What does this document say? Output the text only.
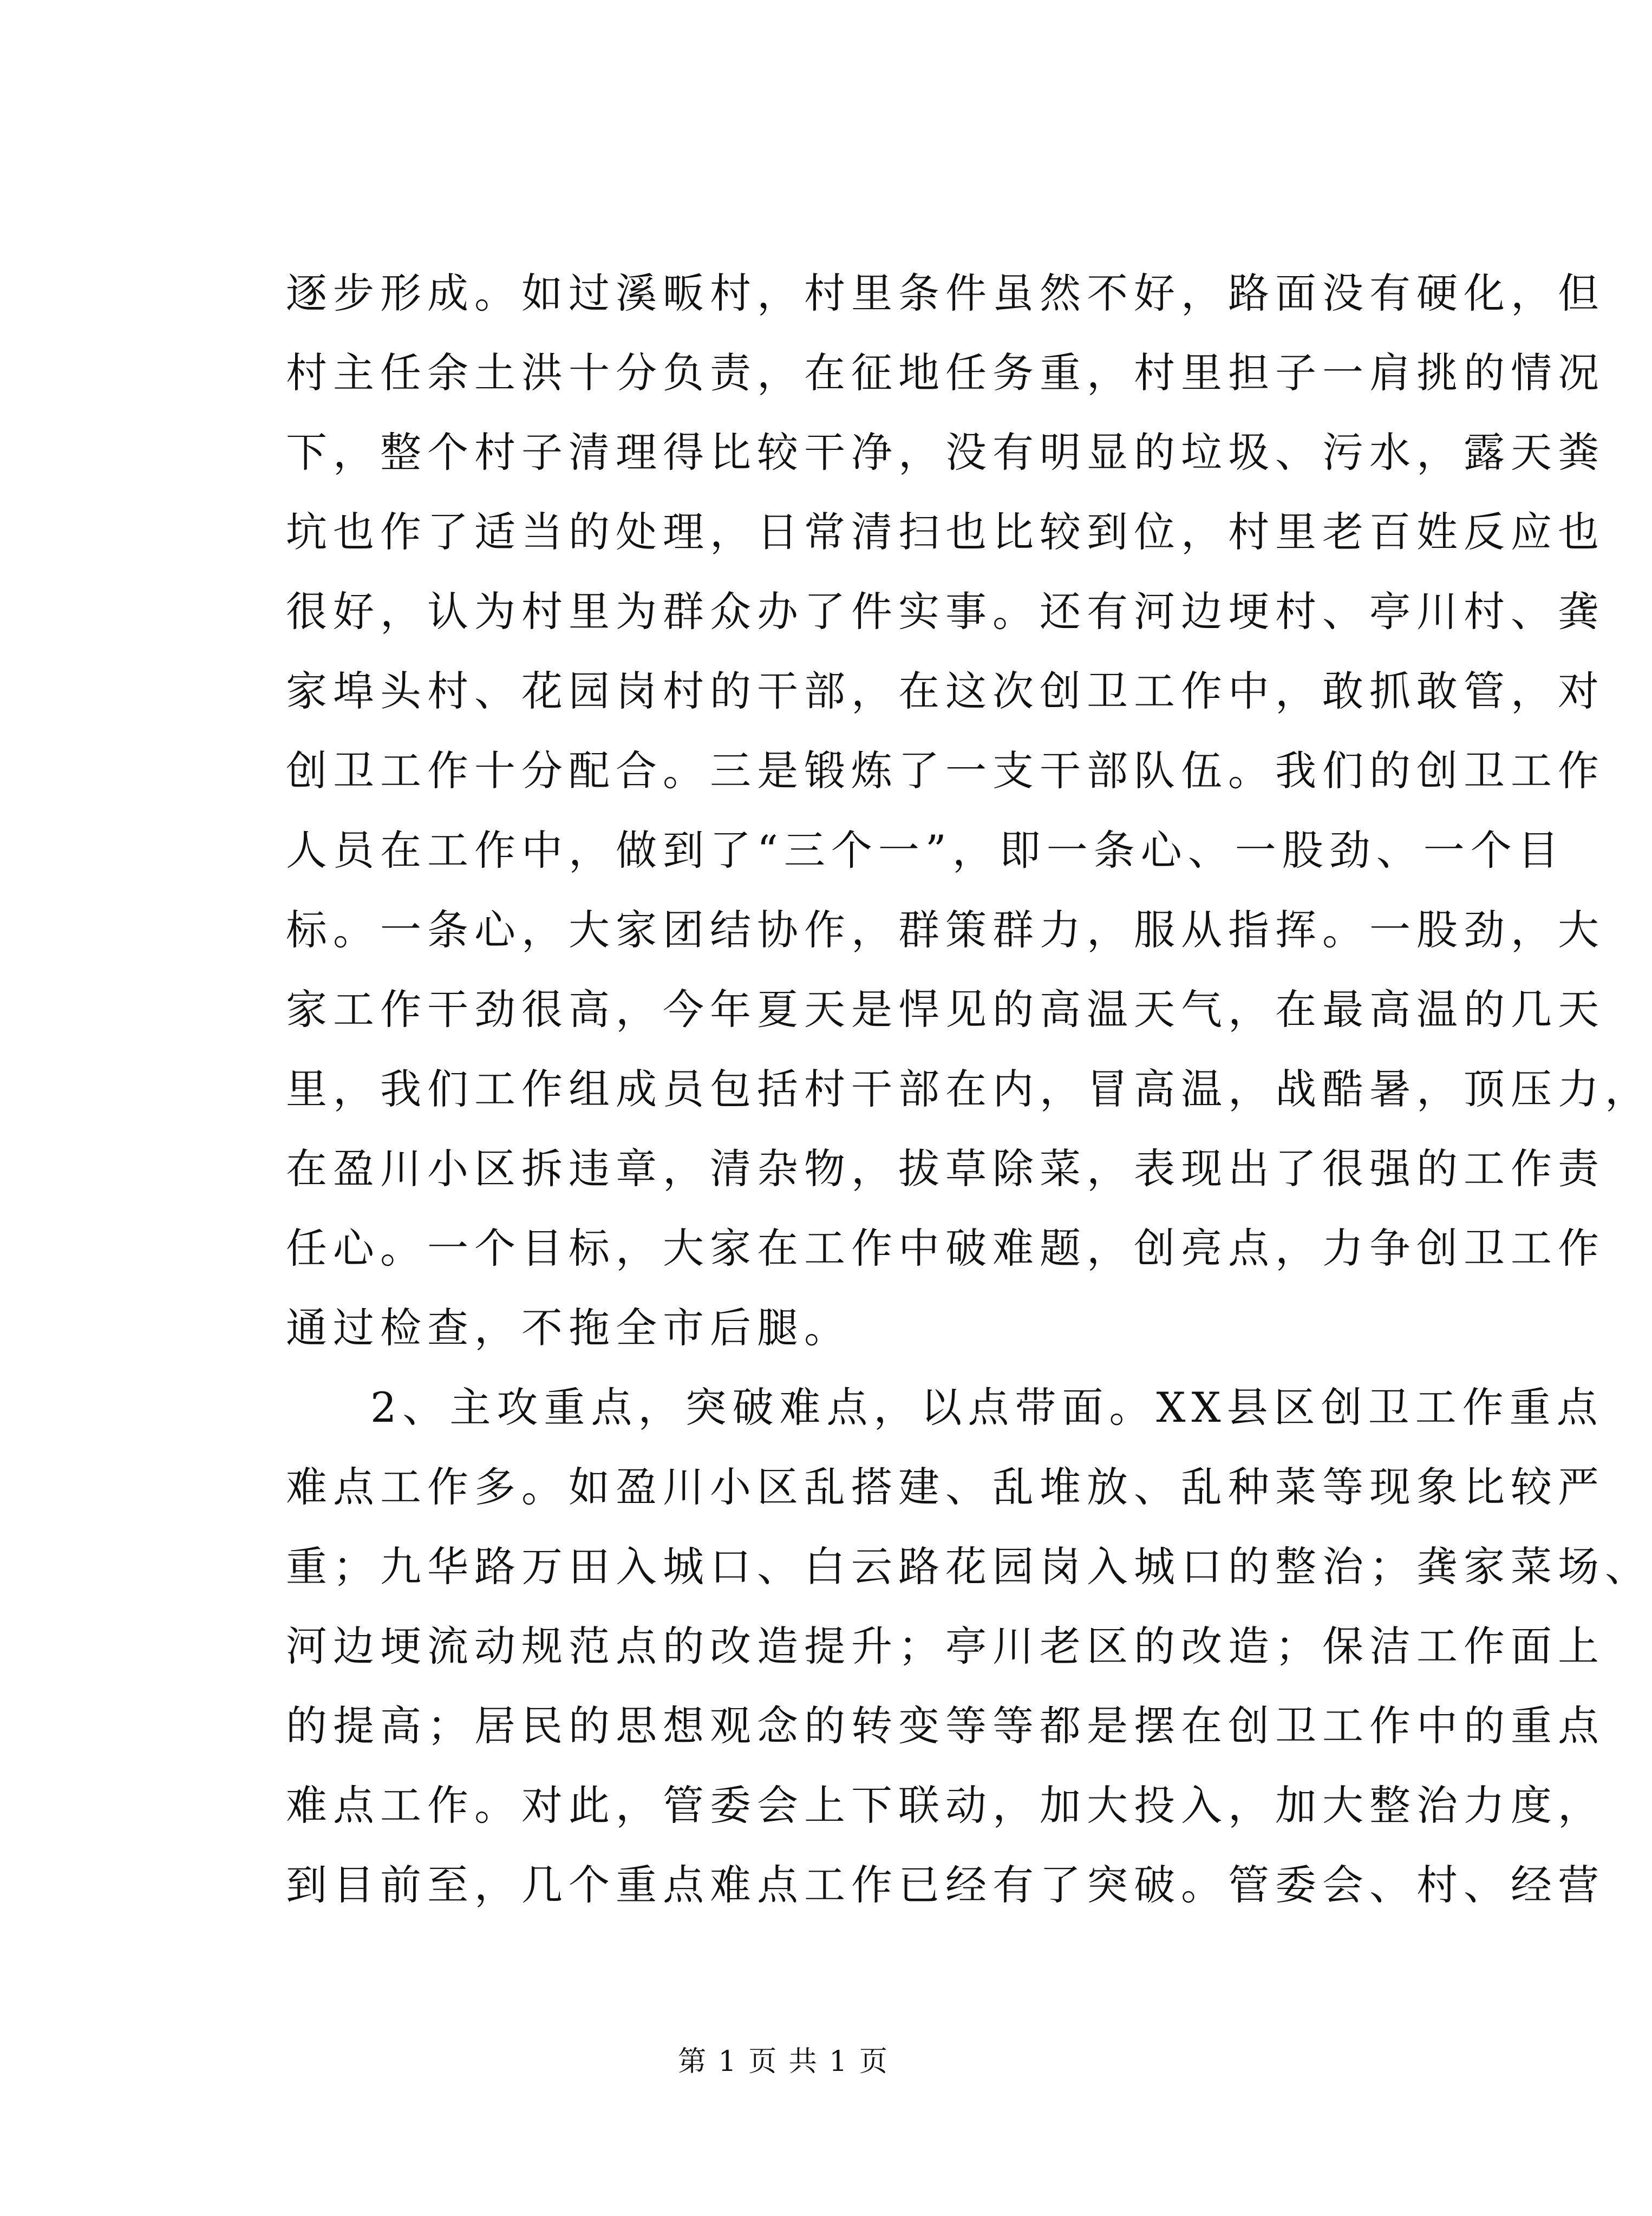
逐步形成。如过溪畈村，村里条件虽然不好，路面没有硬化，但
村主任余土洪十分负责，在征地任务重，村里担子一肩挑的情况
下，整个村子清理得比较干净，没有明显的垃圾、污水，露天粪
坑也作了适当的处理，日常清扫也比较到位，村里老百姓反应也
很好，认为村里为群众办了件实事。还有河边埂村、亭川村、龚
家埠头村、花园岗村的干部，在这次创卫工作中，敢抓敢管，对
创卫工作十分配合。三是锻炼了一支干部队伍。我们的创卫工作
人员在工作中，做到了“三个一”，即一条心、一股劲、一个目
标。一条心，大家团结协作，群策群力，服从指挥。一股劲，大
家工作干劲很高，今年夏天是悍见的高温天气，在最高温的几天
里，我们工作组成员包括村干部在内，冒高温，战酷暑，顶压力，
在盈川小区拆违章，清杂物，拔草除菜，表现出了很强的工作责
任心。一个目标，大家在工作中破难题，创亮点，力争创卫工作
通过检查，不拖全市后腿。
2、主攻重点，突破难点，以点带面。XX县区创卫工作重点
难点工作多。如盈川小区乱搭建、乱堆放、乱种菜等现象比较严
重；九华路万田入城口、白云路花园岗入城口的整治；龚家菜场、
河边埂流动规范点的改造提升；亭川老区的改造；保洁工作面上
的提高；居民的思想观念的转变等等都是摆在创卫工作中的重点
难点工作。对此，管委会上下联动，加大投入，加大整治力度，
到目前至，几个重点难点工作已经有了突破。管委会、村、经营
第 1 页 共 1 页
